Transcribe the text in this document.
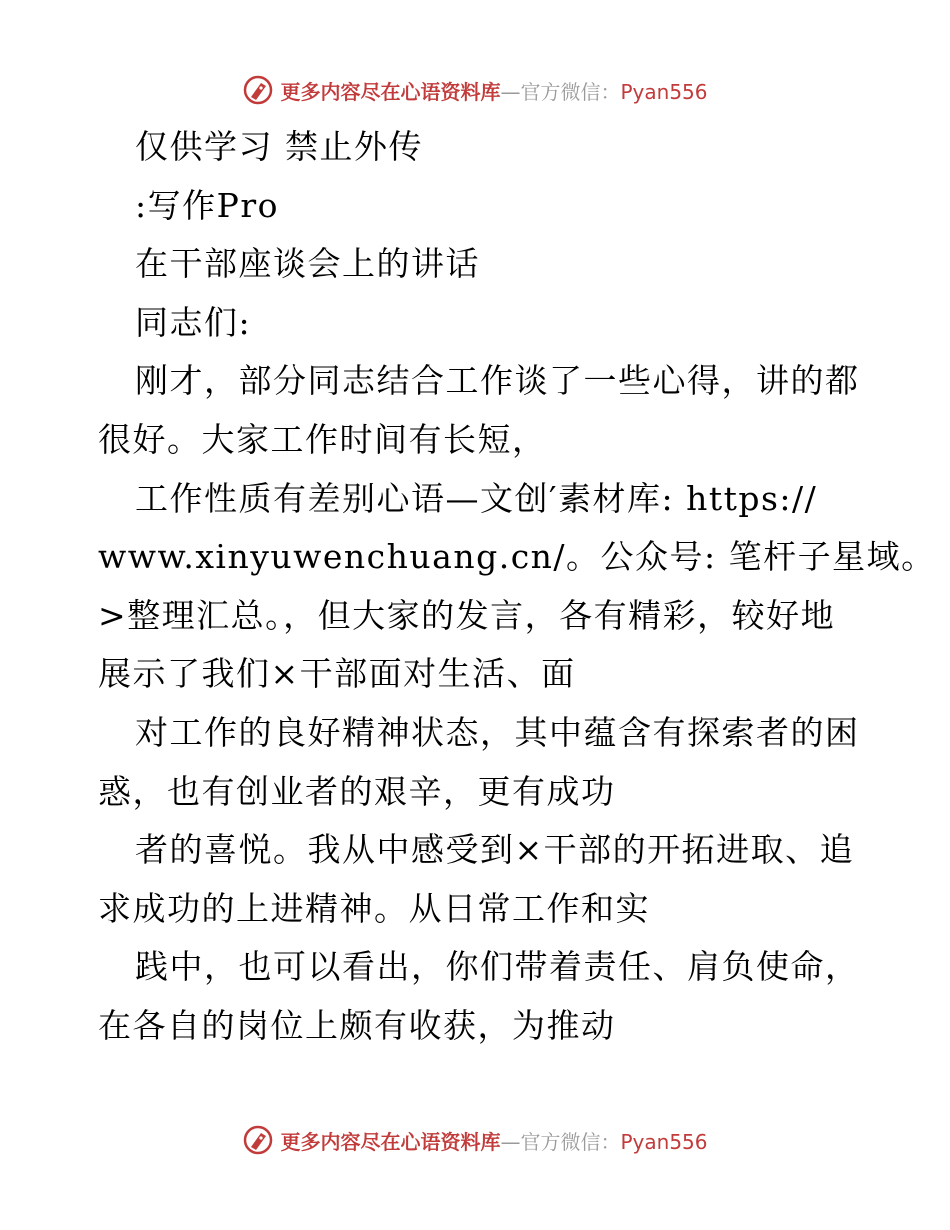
更多内容尽在心语资料库—官方微信：Pyan556
仅供学习 禁止外传
:写作Pro
在干部座谈会上的讲话
同志们:
刚才，部分同志结合工作谈了一些心得，讲的都
很好。大家工作时间有长短，
工作性质有差别心语—文创′素材库: https://
www.xinyuwenchuang.cn/。公众号: 笔杆子星域。
>整理汇总。，但大家的发言，各有精彩，较好地
展示了我们×干部面对生活、面
对工作的良好精神状态，其中蕴含有探索者的困
惑，也有创业者的艰辛，更有成功
者的喜悦。我从中感受到×干部的开拓进取、追
求成功的上进精神。从日常工作和实
践中，也可以看出，你们带着责任、肩负使命，
在各自的岗位上颇有收获，为推动
更多内容尽在心语资料库—官方微信：Pyan556
